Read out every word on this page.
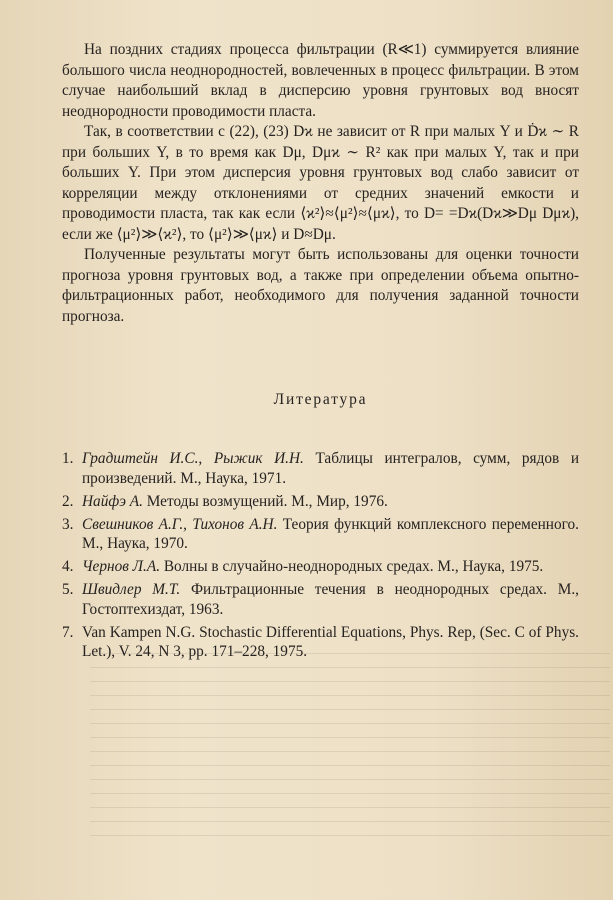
На поздних стадиях процесса фильтрации (R≪1) суммируется влияние большого числа неоднородностей, вовлеченных в процесс фильтрации. В этом случае наибольший вклад в дисперсию уровня грунтовых вод вносят неоднородности проводимости пласта.

Так, в соответствии с (22), (23) Dϰ не зависит от R при малых Y и Ḋϰ ∼ R при больших Y, в то время как Dμ, Dμϰ ∼ R² как при малых Y, так и при больших Y. При этом дисперсия уровня грунтовых вод слабо зависит от корреляции между отклонениями от средних значений емкости и проводимости пласта, так как если ⟨ϰ²⟩≈⟨μ²⟩≈⟨μϰ⟩, то D= =Dϰ(Dϰ≫Dμ Dμϰ), если же ⟨μ²⟩≫⟨ϰ²⟩, то ⟨μ²⟩≫⟨μϰ⟩ и D≈Dμ.

Полученные результаты могут быть использованы для оценки точности прогноза уровня грунтовых вод, а также при определении объема опытно-фильтрационных работ, необходимого для получения заданной точности прогноза.

Литература
1. Градштейн И.С., Рыжик И.Н. Таблицы интегралов, сумм, рядов и произведений. М., Наука, 1971.
2. Найфэ А. Методы возмущений. М., Мир, 1976.
3. Свешников А.Г., Тихонов А.Н. Теория функций комплексного переменного. М., Наука, 1970.
4. Чернов Л.А. Волны в случайно-неоднородных средах. М., Наука, 1975.
5. Швидлер М.Т. Фильтрационные течения в неоднородных средах. М., Гостоптехиздат, 1963.
7. Van Kampen N.G. Stochastic Differential Equations, Phys. Rep, (Sec. C of Phys. Let.), V. 24, N 3, pp. 171–228, 1975.
